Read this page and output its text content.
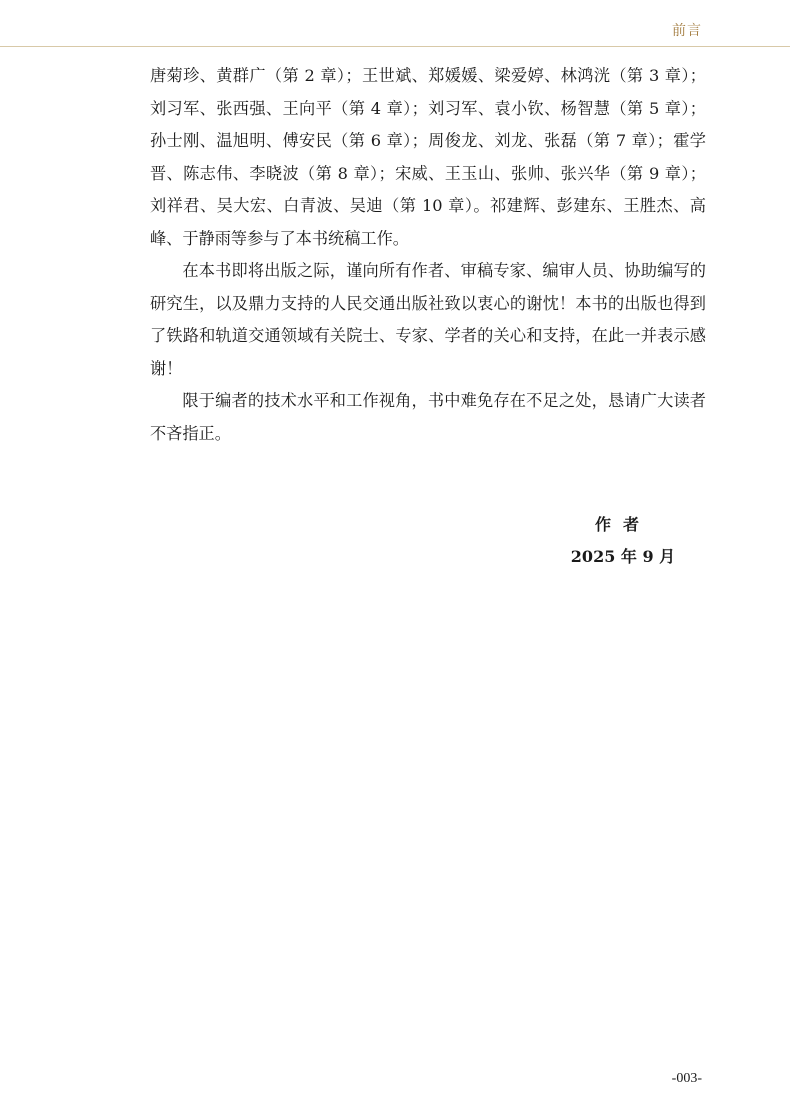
前言

唐菊珍、黄群广（第 2 章）；王世斌、郑媛媛、梁爱婷、林鸿洸（第 3 章）；刘习军、张西强、王向平（第 4 章）；刘习军、袁小钦、杨智慧（第 5 章）；孙士刚、温旭明、傅安民（第 6 章）；周俊龙、刘龙、张磊（第 7 章）；霍学晋、陈志伟、李晓波（第 8 章）；宋威、王玉山、张帅、张兴华（第 9 章）；刘祥君、吴大宏、白青波、吴迪（第 10 章）。祁建辉、彭建东、王胜杰、高峰、于静雨等参与了本书统稿工作。

在本书即将出版之际，谨向所有作者、审稿专家、编审人员、协助编写的研究生，以及鼎力支持的人民交通出版社致以衷心的谢忱！本书的出版也得到了铁路和轨道交通领域有关院士、专家、学者的关心和支持，在此一并表示感谢！

限于编者的技术水平和工作视角，书中难免存在不足之处，恳请广大读者不吝指正。

作者
2025 年 9 月
-003-
